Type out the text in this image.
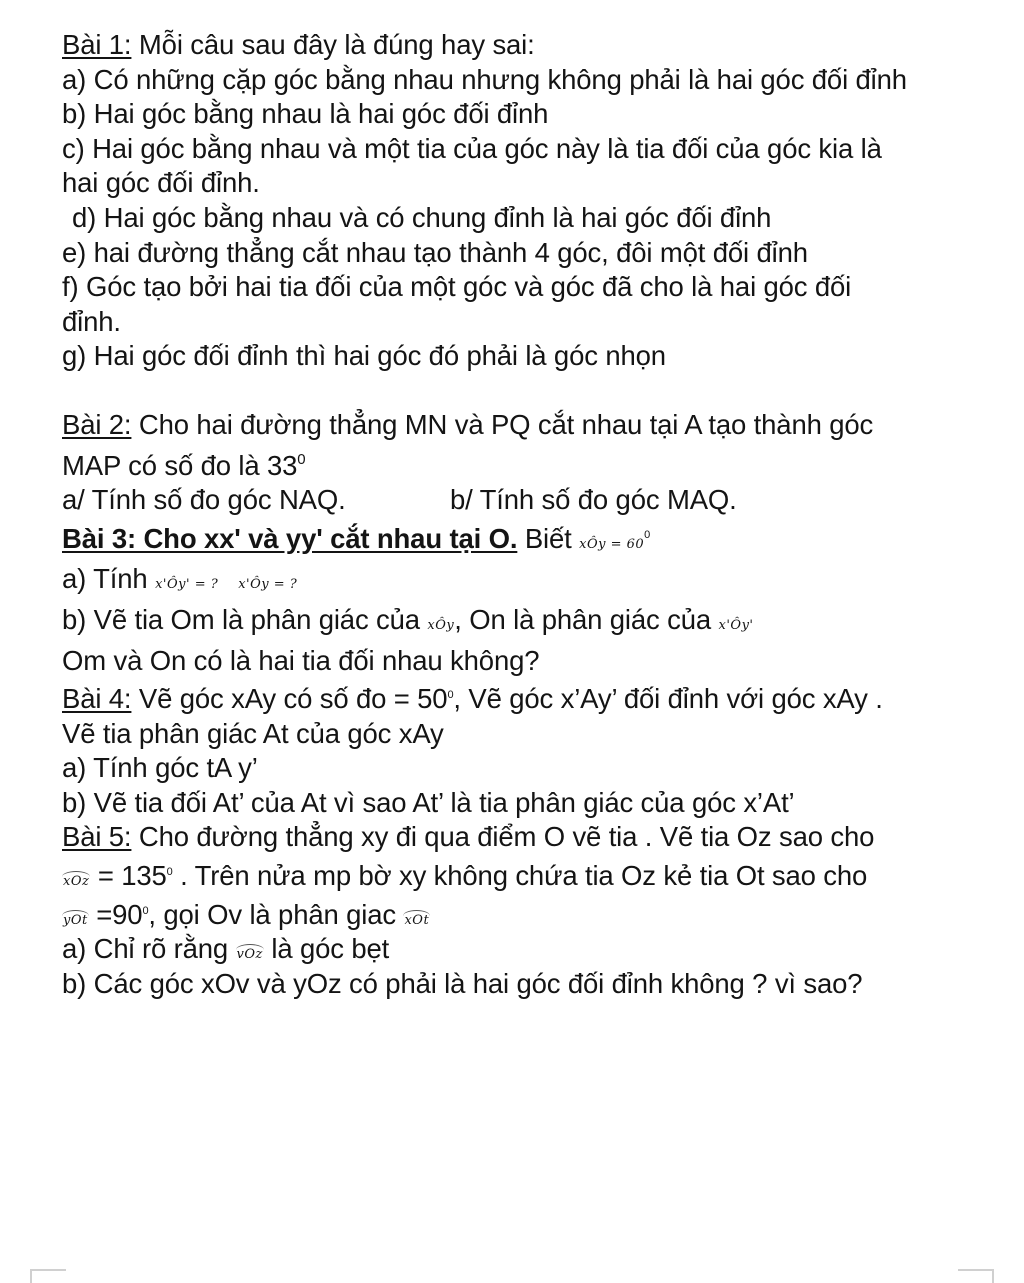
Bài 1: Mỗi câu sau đây là đúng hay sai:
a) Có những cặp góc bằng nhau nhưng không phải là hai góc đối đỉnh
b) Hai góc bằng nhau là hai góc đối đỉnh
c) Hai góc bằng nhau và một tia của góc này là tia đối của góc kia là
hai góc đối đỉnh.
d) Hai góc bằng nhau và có chung đỉnh là hai góc đối đỉnh
e) hai đường thẳng cắt nhau tạo thành 4 góc, đôi một đối đỉnh
f) Góc tạo bởi hai tia đối của một góc và góc đã cho là hai góc đối
đỉnh.
g) Hai góc đối đỉnh thì hai góc đó phải là góc nhọn
Bài 2: Cho hai đường thẳng MN và PQ cắt nhau tại A tạo thành góc
MAP có số đo là $33^0$
a/ Tính số đo góc NAQ.	b/ Tính số đo góc MAQ.
Bài 3: Cho xx' và yy' cắt nhau tại O. Biết xÔy = $60^0$
a) Tính x'Ôy' = ? x'Ôy = ?
b) Vẽ tia Om là phân giác của xÔy, On là phân giác của x'Ôy'
Om và On có là hai tia đối nhau không?
Bài 4: Vẽ góc xAy có số đo = $50^0$, Vẽ góc x’Ay’ đối đỉnh với góc xAy .
Vẽ tia phân giác At của góc xAy
a) Tính góc tA y’
b) Vẽ tia đối At’ của At vì sao At’ là tia phân giác của góc x’At’
Bài 5: Cho đường thẳng xy đi qua điểm O vẽ tia . Vẽ tia Oz sao cho
xOz = $135^0$ . Trên nửa mp bờ xy không chứa tia Oz kẻ tia Ot sao cho
yOt $=90^0$, gọi Ov là phân giac xOt
a) Chỉ rõ rằng vOz là góc bẹt
b) Các góc xOv và yOz có phải là hai góc đối đỉnh không ? vì sao?
